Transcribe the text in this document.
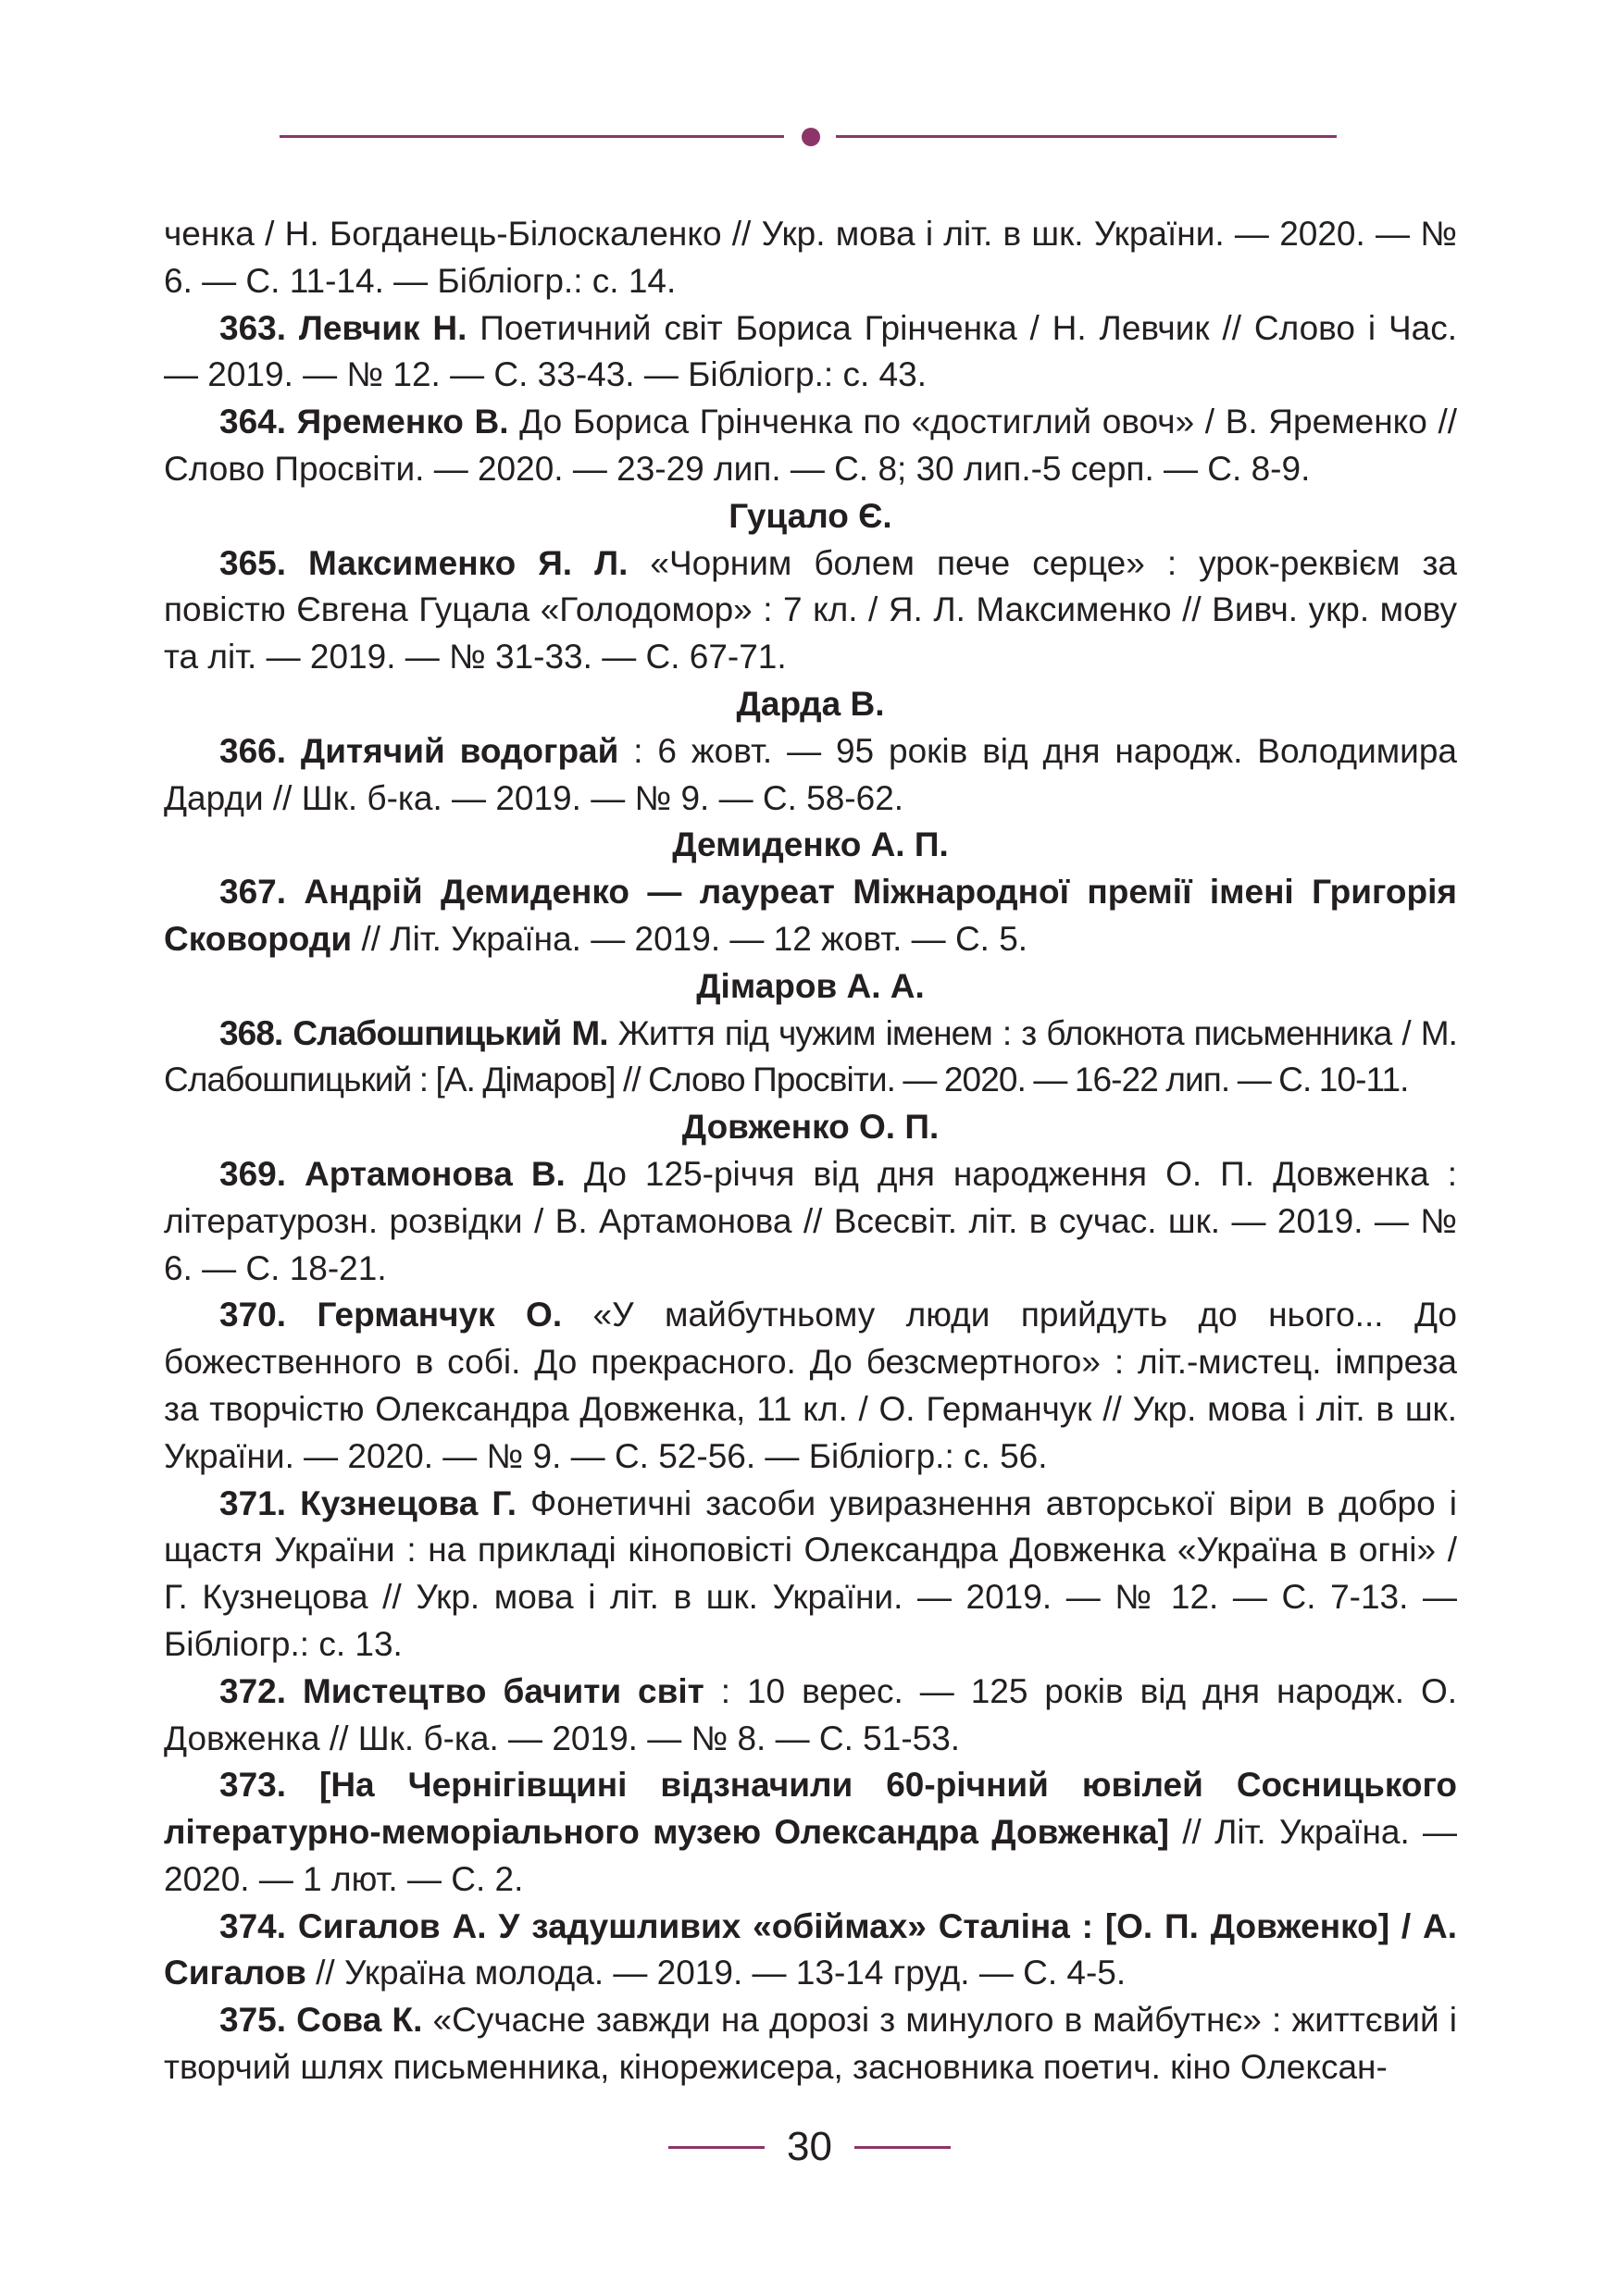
ченка / Н. Богданець-Білоскаленко // Укр. мова і літ. в шк. України. — 2020. — № 6. — С. 11-14. — Бібліогр.: с. 14.

363. Левчик Н. Поетичний світ Бориса Грінченка / Н. Левчик // Слово і Час. — 2019. — № 12. — С. 33-43. — Бібліогр.: с. 43.

364. Яременко В. До Бориса Грінченка по «достиглий овоч» / В. Яременко // Слово Просвіти. — 2020. — 23-29 лип. — С. 8; 30 лип.-5 серп. — С. 8-9.

Гуцало Є.

365. Максименко Я. Л. «Чорним болем пече серце» : урок-реквієм за повістю Євгена Гуцала «Голодомор» : 7 кл. / Я. Л. Максименко // Вивч. укр. мову та літ. — 2019. — № 31-33. — С. 67-71.

Дарда В.

366. Дитячий водограй : 6 жовт. — 95 років від дня народж. Володимира Дарди // Шк. б-ка. — 2019. — № 9. — С. 58-62.

Демиденко А. П.

367. Андрій Демиденко — лауреат Міжнародної премії імені Григорія Сковороди // Літ. Україна. — 2019. — 12 жовт. — С. 5.

Дімаров А. А.

368. Слабошпицький М. Життя під чужим іменем : з блокнота письменника / М. Слабошпицький : [А. Дімаров] // Слово Просвіти. — 2020. — 16-22 лип. — С. 10-11.

Довженко О. П.

369. Артамонова В. До 125-річчя від дня народження О. П. Довженка : літературозн. розвідки / В. Артамонова // Всесвіт. літ. в сучас. шк. — 2019. — № 6. — С. 18-21.

370. Германчук О. «У майбутньому люди прийдуть до нього... До божественного в собі. До прекрасного. До безсмертного» : літ.-мистец. імпреза за творчістю Олександра Довженка, 11 кл. / О. Германчук // Укр. мова і літ. в шк. України. — 2020. — № 9. — С. 52-56. — Бібліогр.: с. 56.

371. Кузнецова Г. Фонетичні засоби увиразнення авторської віри в добро і щастя України : на прикладі кіноповісті Олександра Довженка «Україна в огні» / Г. Кузнецова // Укр. мова і літ. в шк. України. — 2019. — № 12. — С. 7-13. — Бібліогр.: с. 13.

372. Мистецтво бачити світ : 10 верес. — 125 років від дня народж. О. Довженка // Шк. б-ка. — 2019. — № 8. — С. 51-53.

373. [На Чернігівщині відзначили 60-річний ювілей Сосницького літературно-меморіального музею Олександра Довженка] // Літ. Україна. — 2020. — 1 лют. — С. 2.

374. Сигалов А. У задушливих «обіймах» Сталіна : [О. П. Довженко] / А. Сигалов // Україна молода. — 2019. — 13-14 груд. — С. 4-5.

375. Сова К. «Сучасне завжди на дорозі з минулого в майбутнє» : життєвий і творчий шлях письменника, кінорежисера, засновника поетич. кіно Олексан-

30
